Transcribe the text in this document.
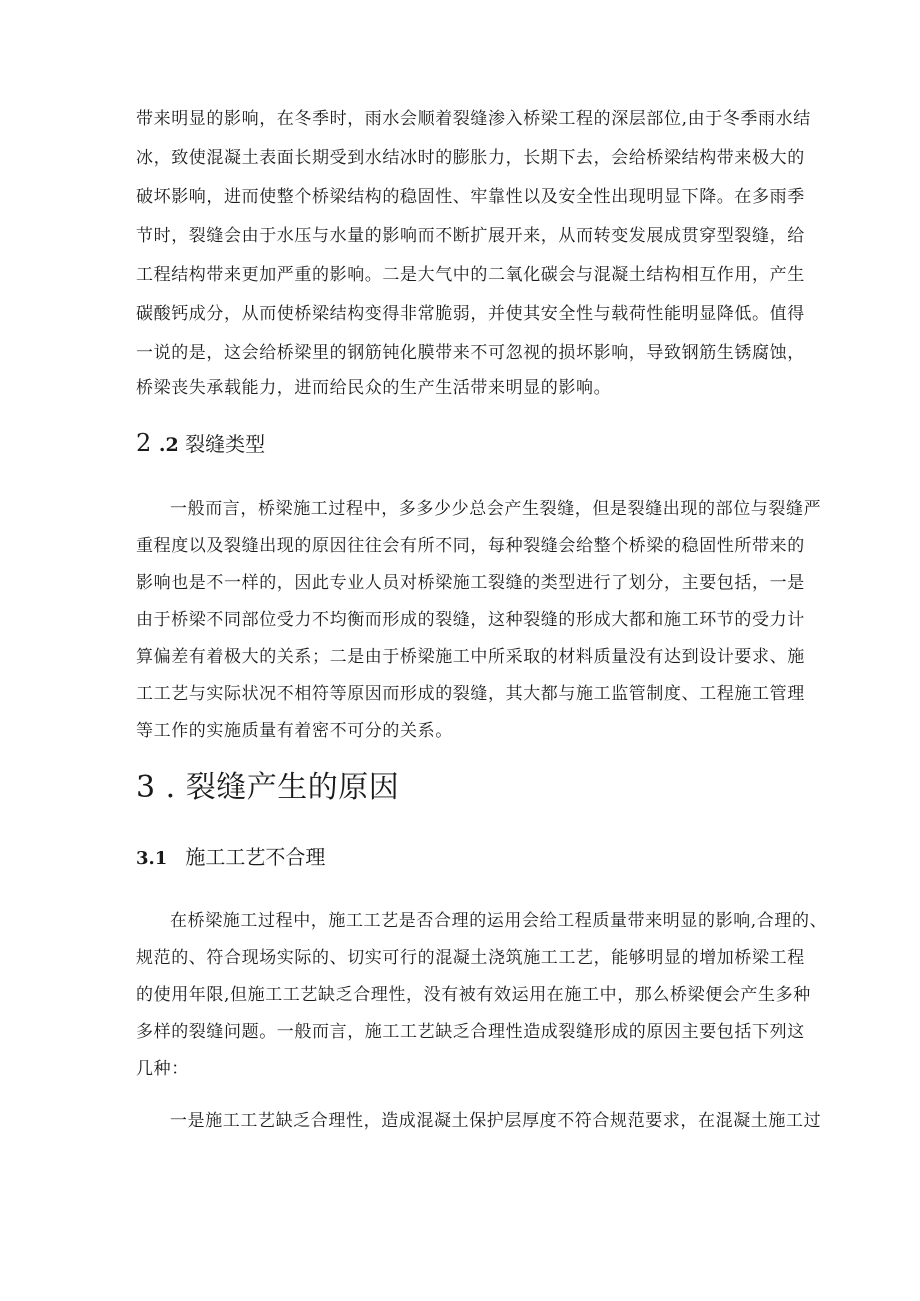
带来明显的影响，在冬季时，雨水会顺着裂缝渗入桥梁工程的深层部位,由于冬季雨水结
冰，致使混凝土表面长期受到水结冰时的膨胀力，长期下去，会给桥梁结构带来极大的
破坏影响，进而使整个桥梁结构的稳固性、牢靠性以及安全性出现明显下降。在多雨季
节时，裂缝会由于水压与水量的影响而不断扩展开来，从而转变发展成贯穿型裂缝，给
工程结构带来更加严重的影响。二是大气中的二氧化碳会与混凝土结构相互作用，产生
碳酸钙成分，从而使桥梁结构变得非常脆弱，并使其安全性与载荷性能明显降低。值得
一说的是，这会给桥梁里的钢筋钝化膜带来不可忽视的损坏影响，导致钢筋生锈腐蚀，
桥梁丧失承载能力，进而给民众的生产生活带来明显的影响。
2 .2 裂缝类型
一般而言，桥梁施工过程中，多多少少总会产生裂缝，但是裂缝出现的部位与裂缝严
重程度以及裂缝出现的原因往往会有所不同，每种裂缝会给整个桥梁的稳固性所带来的
影响也是不一样的，因此专业人员对桥梁施工裂缝的类型进行了划分，主要包括，一是
由于桥梁不同部位受力不均衡而形成的裂缝，这种裂缝的形成大都和施工环节的受力计
算偏差有着极大的关系；二是由于桥梁施工中所采取的材料质量没有达到设计要求、施
工工艺与实际状况不相符等原因而形成的裂缝，其大都与施工监管制度、工程施工管理
等工作的实施质量有着密不可分的关系。
3 . 裂缝产生的原因
3.1 施工工艺不合理
在桥梁施工过程中，施工工艺是否合理的运用会给工程质量带来明显的影响,合理的、
规范的、符合现场实际的、切实可行的混凝土浇筑施工工艺，能够明显的增加桥梁工程
的使用年限,但施工工艺缺乏合理性，没有被有效运用在施工中，那么桥梁便会产生多种
多样的裂缝问题。一般而言，施工工艺缺乏合理性造成裂缝形成的原因主要包括下列这
几种：
一是施工工艺缺乏合理性，造成混凝土保护层厚度不符合规范要求，在混凝土施工过
